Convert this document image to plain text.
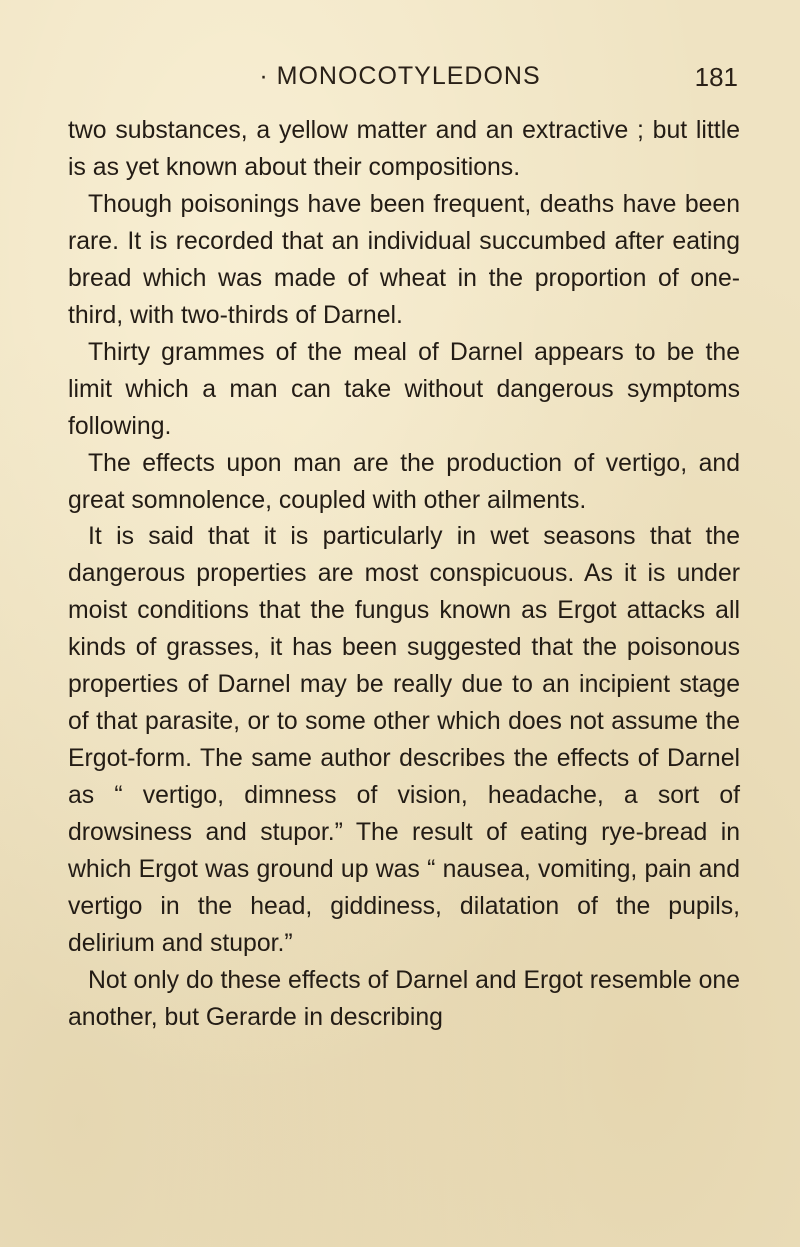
· MONOCOTYLEDONS	181

two substances, a yellow matter and an extractive ; but little is as yet known about their compositions.

Though poisonings have been frequent, deaths have been rare. It is recorded that an individual succumbed after eating bread which was made of wheat in the proportion of one-third, with two-thirds of Darnel.

Thirty grammes of the meal of Darnel appears to be the limit which a man can take without dangerous symptoms following.

The effects upon man are the production of vertigo, and great somnolence, coupled with other ailments.

It is said that it is particularly in wet seasons that the dangerous properties are most conspicuous. As it is under moist conditions that the fungus known as Ergot attacks all kinds of grasses, it has been suggested that the poisonous properties of Darnel may be really due to an incipient stage of that parasite, or to some other which does not assume the Ergot-form. The same author describes the effects of Darnel as “ vertigo, dimness of vision, headache, a sort of drowsiness and stupor.” The result of eating rye-bread in which Ergot was ground up was “ nausea, vomiting, pain and vertigo in the head, giddiness, dilatation of the pupils, delirium and stupor.”

Not only do these effects of Darnel and Ergot resemble one another, but Gerarde in describing
